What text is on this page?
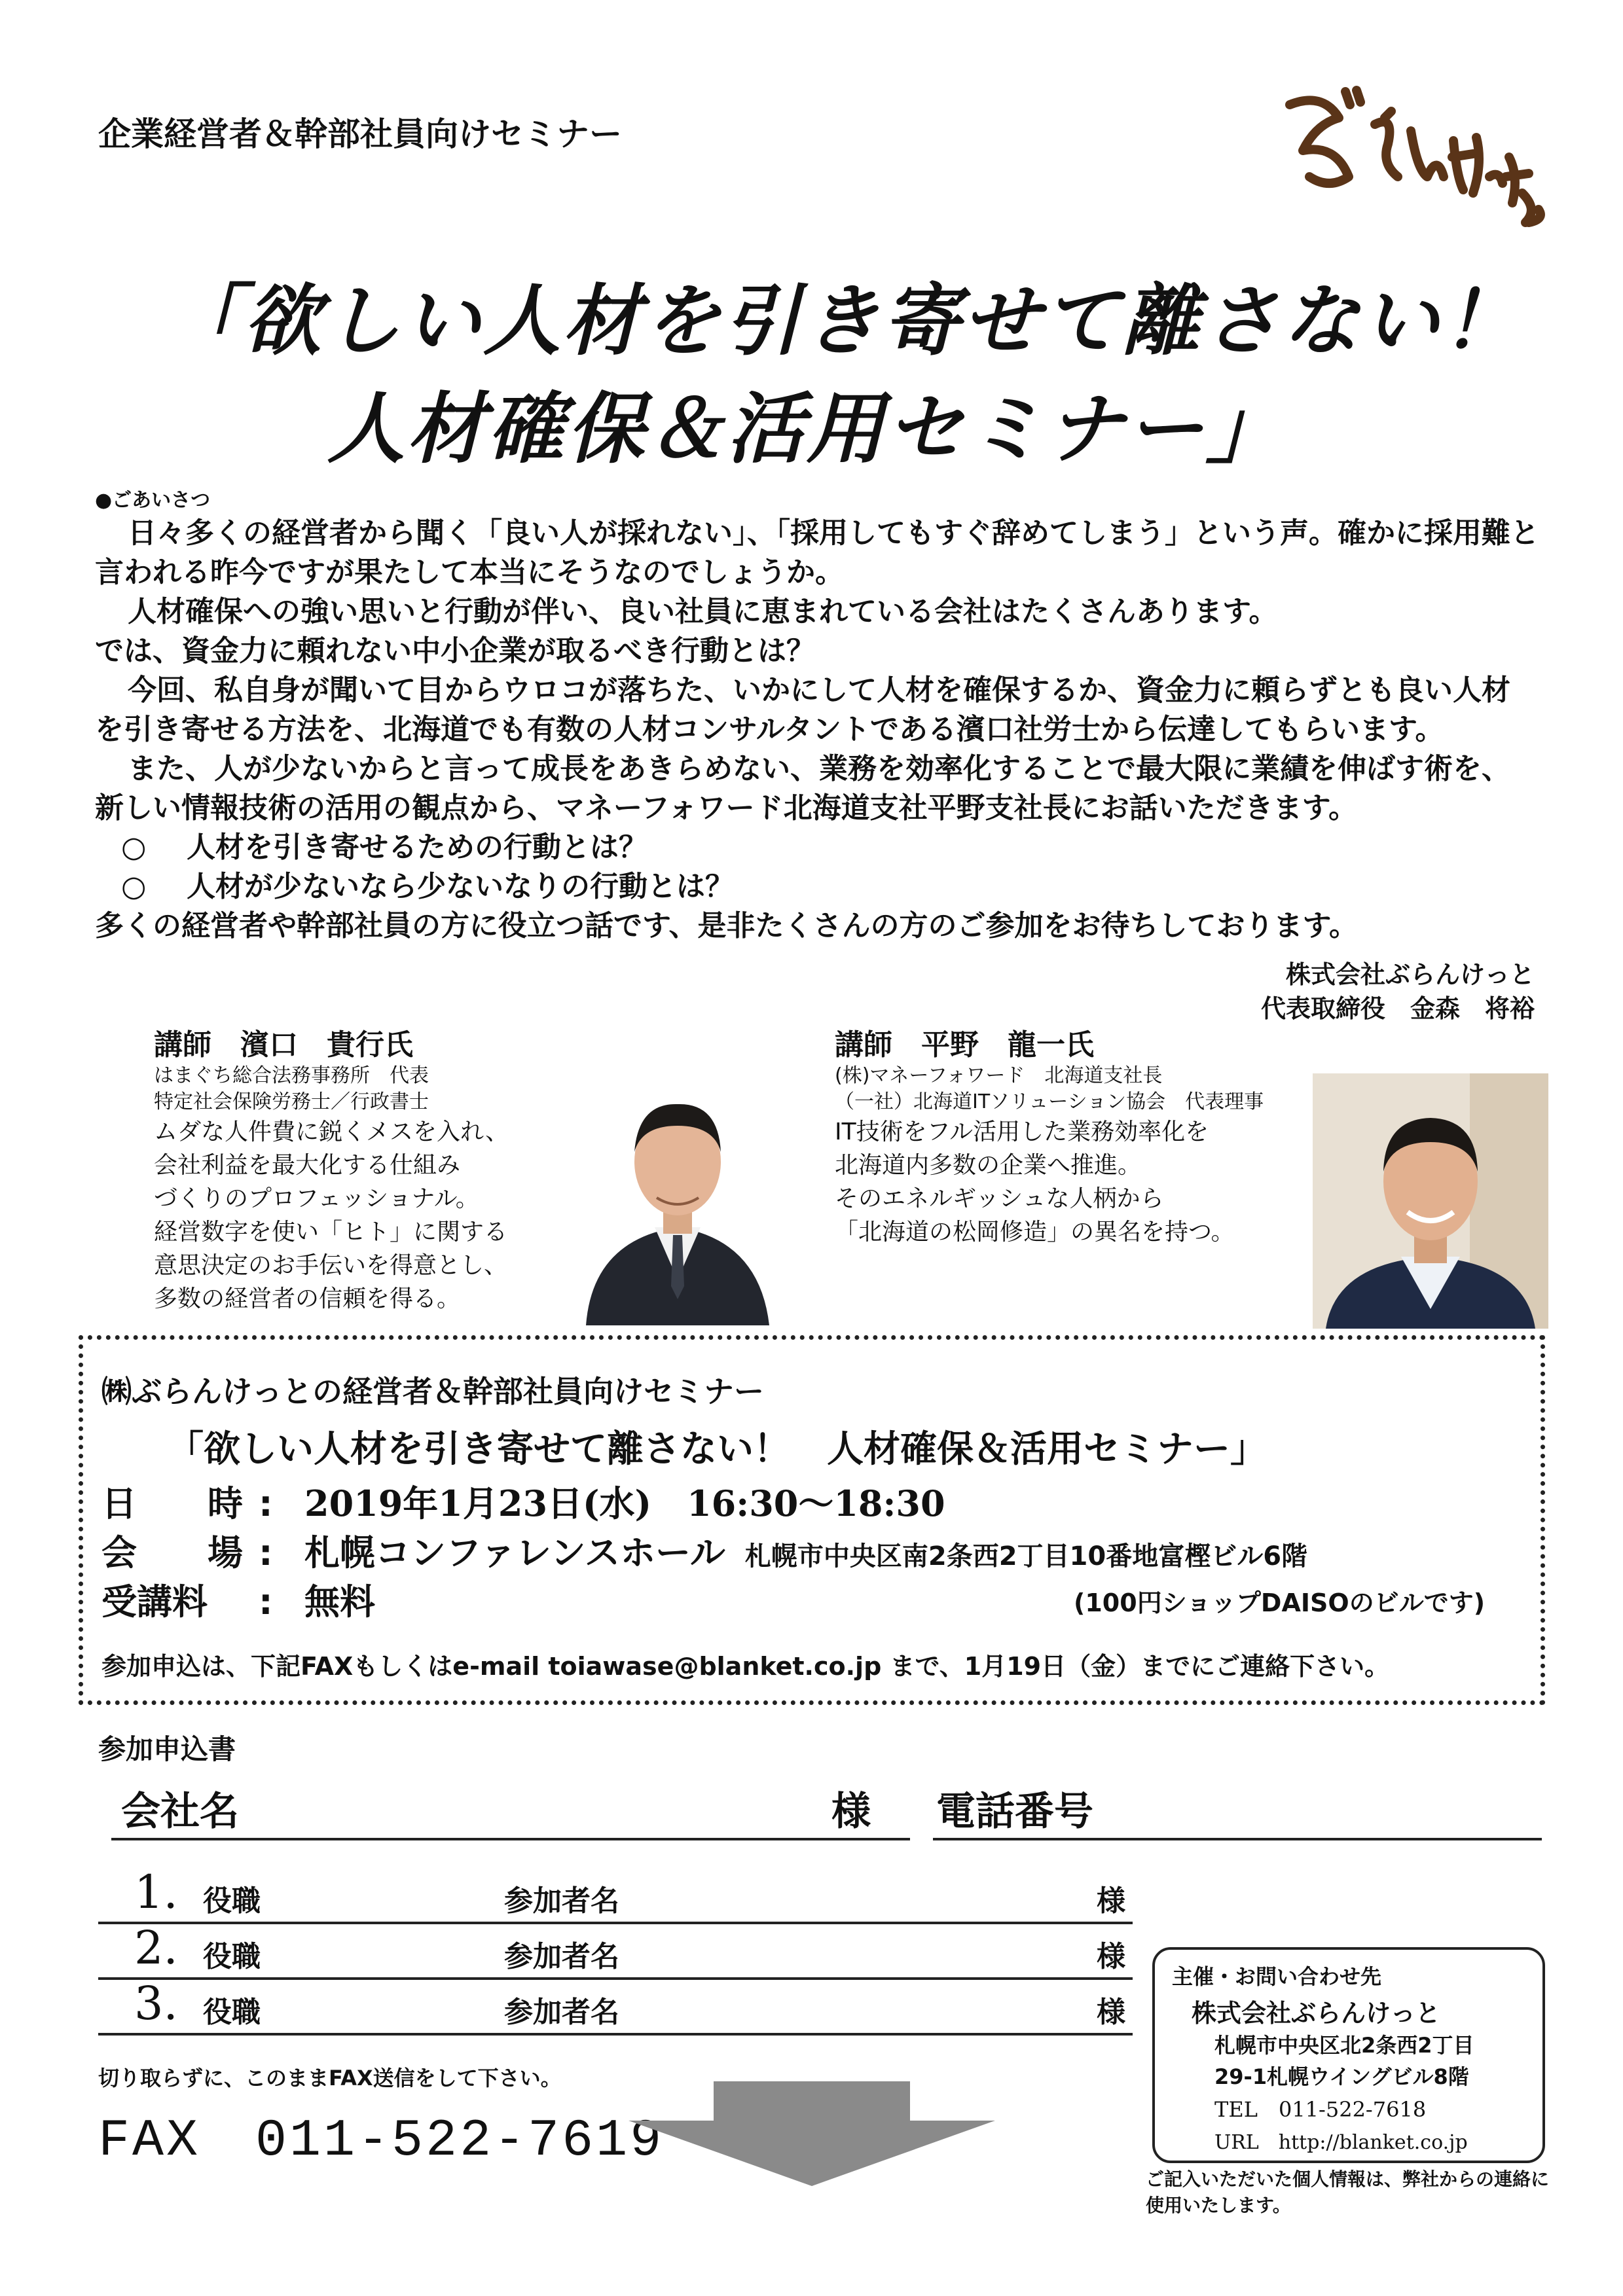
企業経営者＆幹部社員向けセミナー
「欲しい人材を引き寄せて離さない！
人材確保＆活用セミナー」

●ごあいさつ

日々多くの経営者から聞く「良い人が採れない」、「採用してもすぐ辞めてしまう」という声。確かに採用難と

言われる昨今ですが果たして本当にそうなのでしょうか。

人材確保への強い思いと行動が伴い、良い社員に恵まれている会社はたくさんあります。

では、資金力に頼れない中小企業が取るべき行動とは？

今回、私自身が聞いて目からウロコが落ちた、いかにして人材を確保するか、資金力に頼らずとも良い人材

を引き寄せる方法を、北海道でも有数の人材コンサルタントである濱口社労士から伝達してもらいます。

また、人が少ないからと言って成長をあきらめない、業務を効率化することで最大限に業績を伸ばす術を、

新しい情報技術の活用の観点から、マネーフォワード北海道支社平野支社長にお話いただきます。

○ 人材を引き寄せるための行動とは？

○ 人材が少ないなら少ないなりの行動とは？

多くの経営者や幹部社員の方に役立つ話です、是非たくさんの方のご参加をお待ちしております。

株式会社ぶらんけっと
代表取締役　金森　将裕
講師　濱口　貴行氏
はまぐち総合法務事務所　代表
特定社会保険労務士／行政書士
ムダな人件費に鋭くメスを入れ、
会社利益を最大化する仕組み
づくりのプロフェッショナル。
経営数字を使い「ヒト」に関する
意思決定のお手伝いを得意とし、
多数の経営者の信頼を得る。
講師　平野　龍一氏
(株)マネーフォワード　北海道支社長
（一社）北海道ITソリューション協会　代表理事
IT技術をフル活用した業務効率化を
北海道内多数の企業へ推進。
そのエネルギッシュな人柄から
「北海道の松岡修造」の異名を持つ。
㈱ぶらんけっとの経営者＆幹部社員向けセミナー
「欲しい人材を引き寄せて離さない！　人材確保＆活用セミナー」
日　　時 : 2019年1月23日(水)　16:30〜18:30
会　　場 : 札幌コンファレンスホール 札幌市中央区南2条西2丁目10番地富樫ビル6階
受講料 : 無料	(100円ショップDAISOのビルです)
参加申込は、下記FAXもしくはe-mail toiawase@blanket.co.jp まで、1月19日（金）までにご連絡下さい。
参加申込書
会社名	様 電話番号
1. 役職	参加者名	様
2. 役職	参加者名	様
3. 役職	参加者名	様
切り取らずに、このままFAX送信をして下さい。
FAX　011-522-7619
主催・お問い合わせ先
株式会社ぶらんけっと
札幌市中央区北2条西2丁目
29-1札幌ウイングビル8階
TEL　011-522-7618
URL　http://blanket.co.jp
ご記入いただいた個人情報は、弊社からの連絡に使用いたします。
